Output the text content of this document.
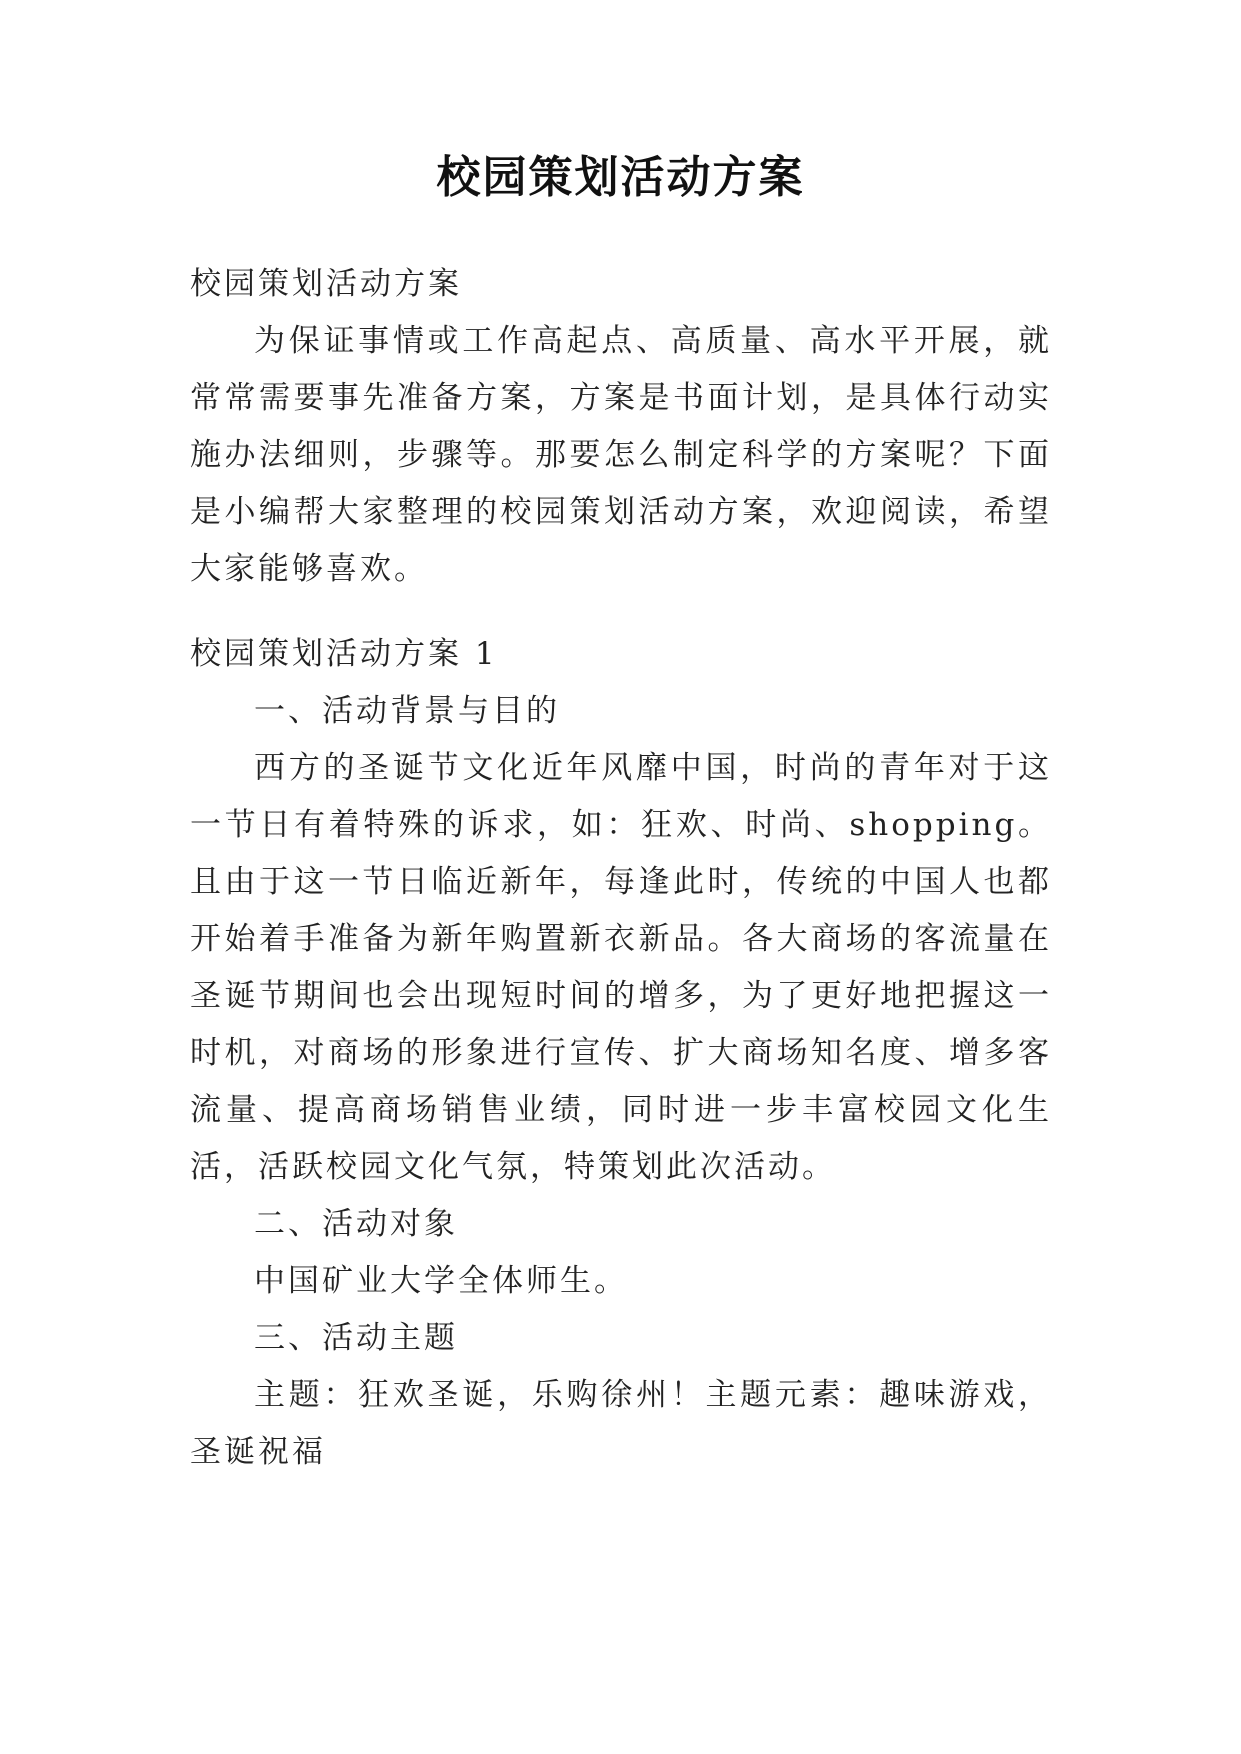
校园策划活动方案

校园策划活动方案

为保证事情或工作高起点、高质量、高水平开展，就常常需要事先准备方案，方案是书面计划，是具体行动实施办法细则，步骤等。那要怎么制定科学的方案呢？下面是小编帮大家整理的校园策划活动方案，欢迎阅读，希望大家能够喜欢。

校园策划活动方案 1

一、活动背景与目的

西方的圣诞节文化近年风靡中国，时尚的青年对于这一节日有着特殊的诉求，如：狂欢、时尚、shopping。且由于这一节日临近新年，每逢此时，传统的中国人也都开始着手准备为新年购置新衣新品。各大商场的客流量在圣诞节期间也会出现短时间的增多，为了更好地把握这一时机，对商场的形象进行宣传、扩大商场知名度、增多客流量、提高商场销售业绩，同时进一步丰富校园文化生活，活跃校园文化气氛，特策划此次活动。

二、活动对象

中国矿业大学全体师生。

三、活动主题

主题：狂欢圣诞，乐购徐州！主题元素：趣味游戏，圣诞祝福
